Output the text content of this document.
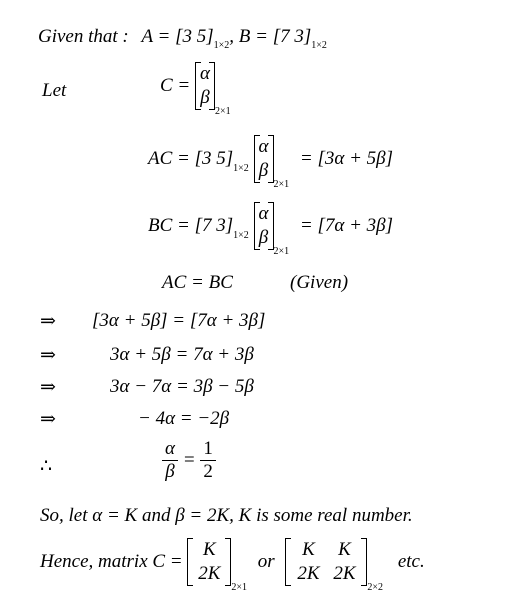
Given that : A = [3 $5]_{1\times 2}$, B = [7 $3]_{1\times 2}$
Let	C =
α
β
$_{2\times 1}$
AC = [3 $5]_{1\times 2}$
α
β
$_{2\times 1}$ = [3α + 5β]
BC = [7 $3]_{1\times 2}$
α
β
$_{2\times 1}$ = [7α + 3β]
AC = BC	(Given)
⇒ [3α + 5β] = [7α + 3β]
⇒	3α + 5β = 7α + 3β
⇒	3α − 7α = 3β − 5β
⇒	− 4α = −2β
∴	$\frac{\alpha}{\beta} = \frac{1}{2}$
So, let α = K and β = 2K, K is some real number.
Hence, matrix C =
K
2K
$_{2\times 1}$ or
K K
2K 2K
$_{2\times 2}$ etc.
